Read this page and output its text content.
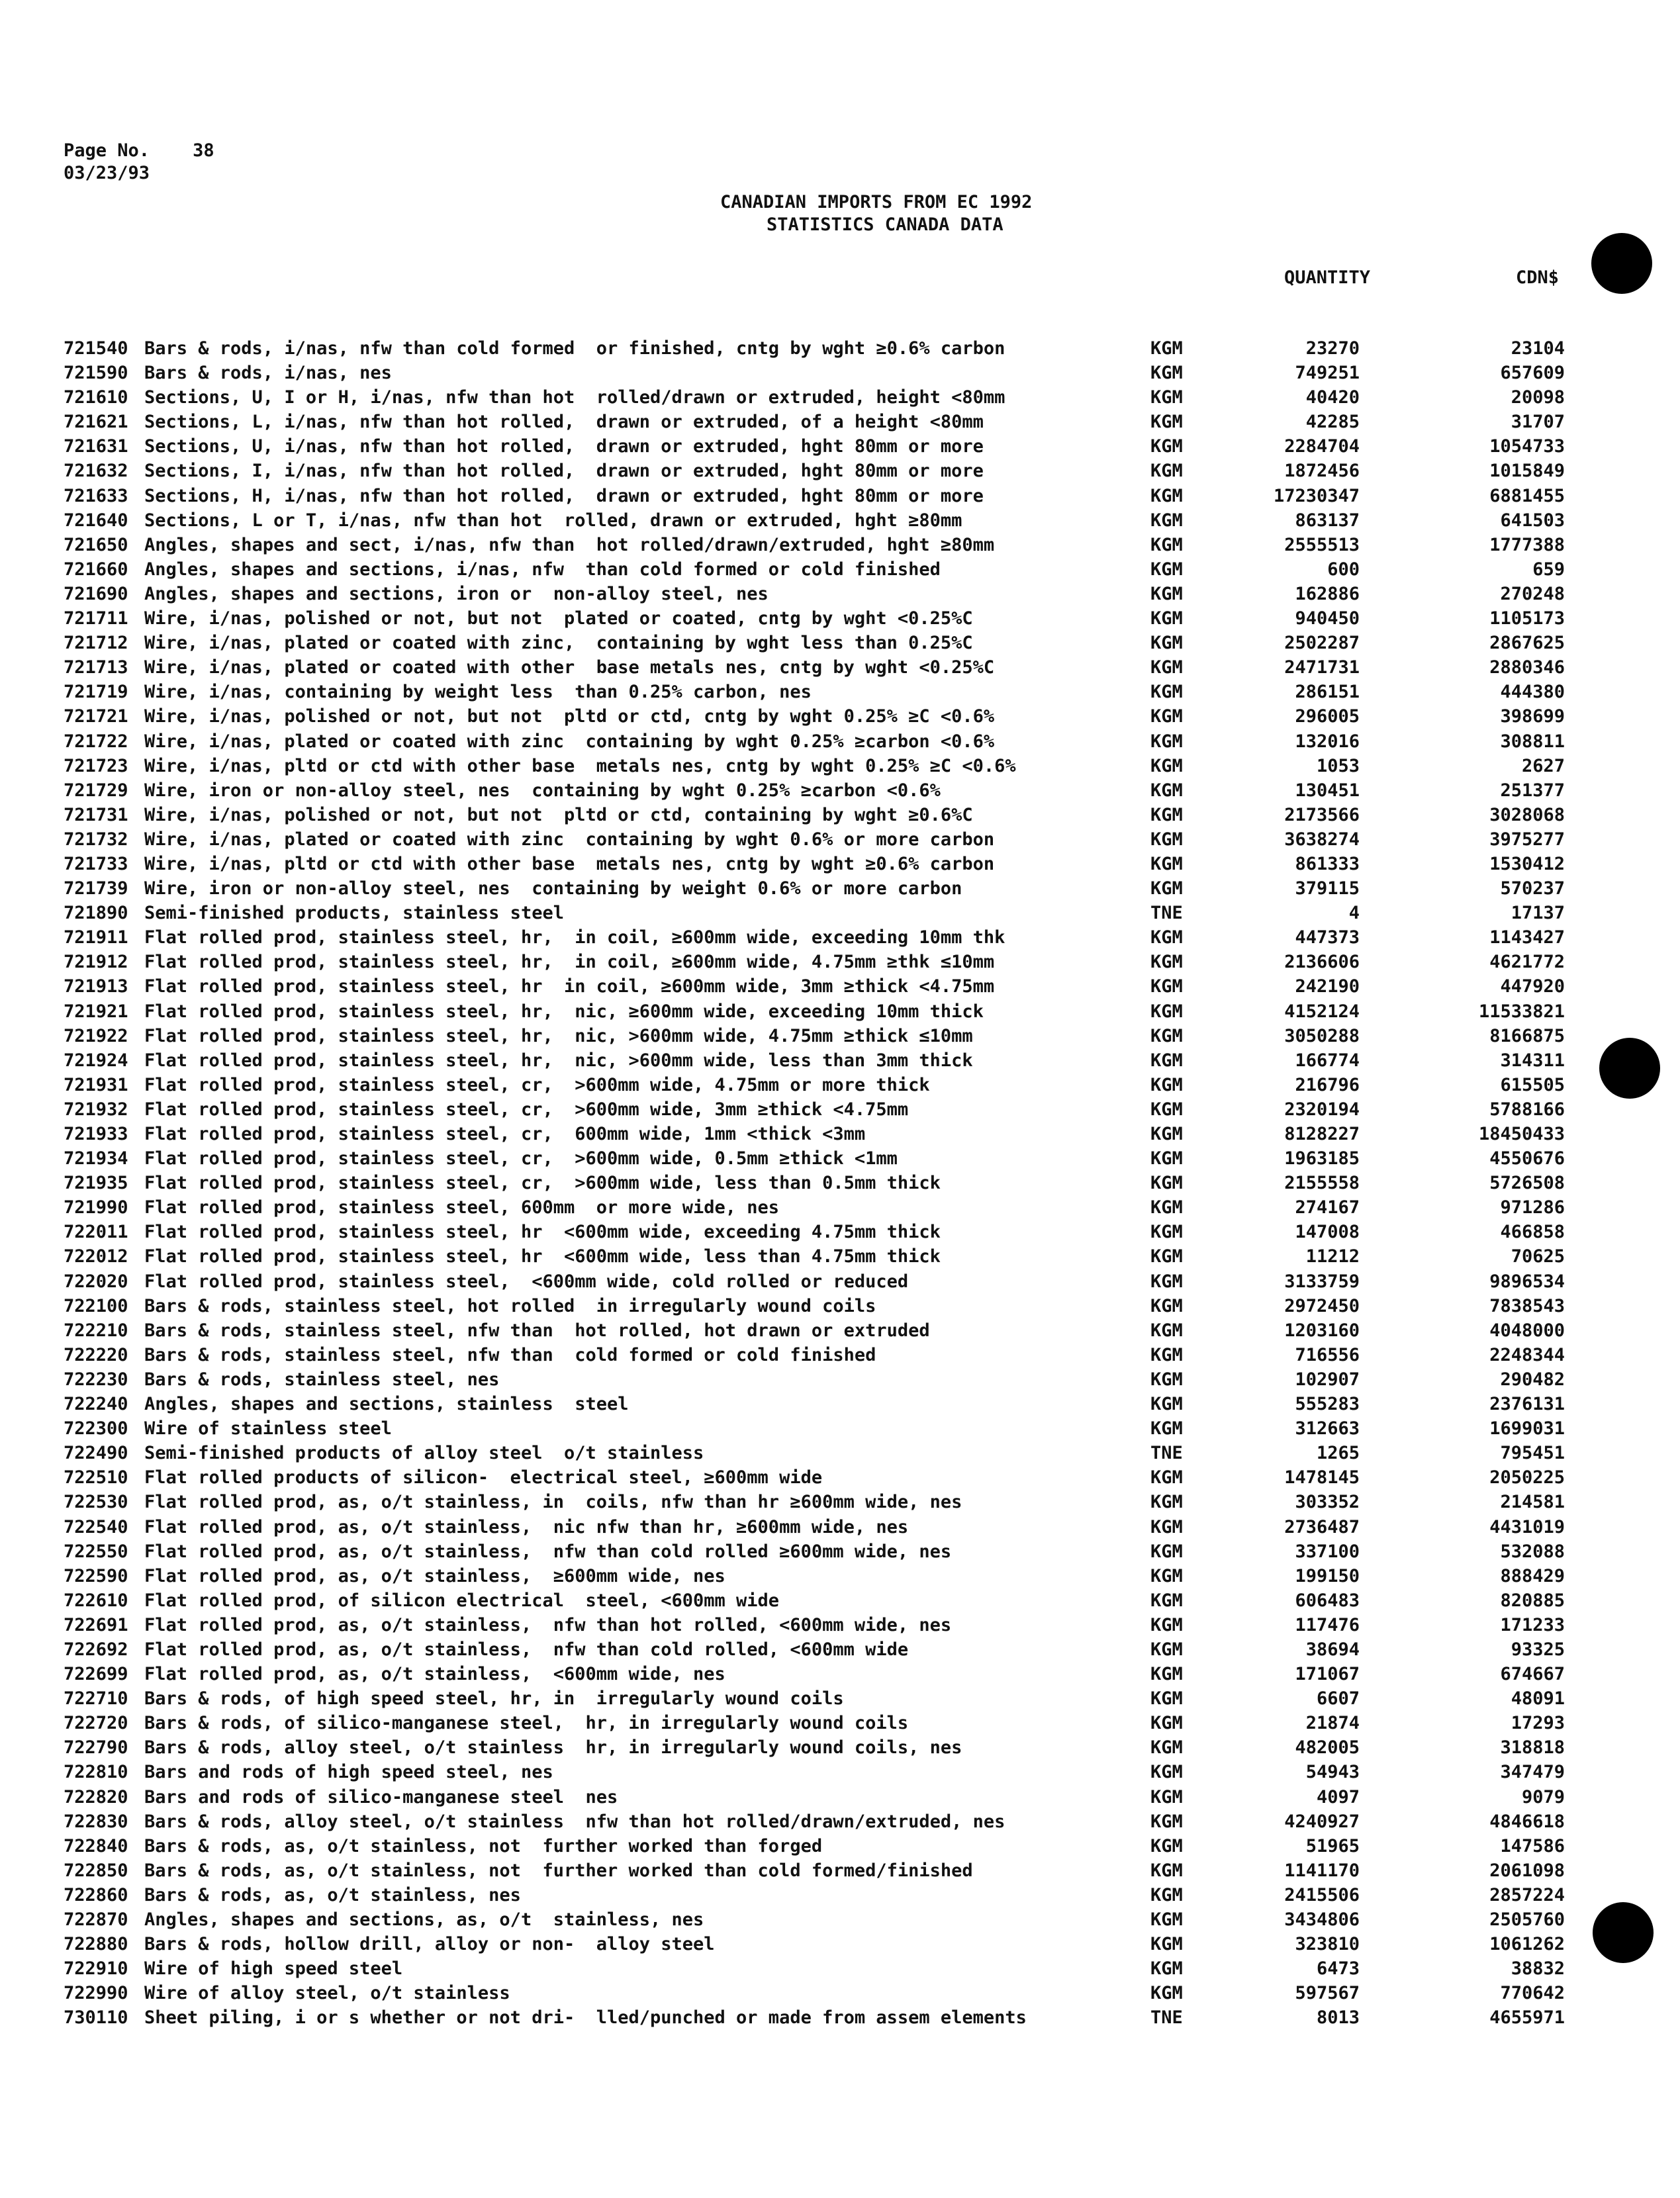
Page No.    38
03/23/93
CANADIAN IMPORTS FROM EC 1992
STATISTICS CANADA DATA
QUANTITY	CDN$
721540 Bars & rods, i/nas, nfw than cold formed  or finished, cntg by wght ≥0.6% carbon	KGM	23270	23104
721590 Bars & rods, i/nas, nes	KGM	749251	657609
721610 Sections, U, I or H, i/nas, nfw than hot  rolled/drawn or extruded, height <80mm	KGM	40420	20098
721621 Sections, L, i/nas, nfw than hot rolled,  drawn or extruded, of a height <80mm	KGM	42285	31707
721631 Sections, U, i/nas, nfw than hot rolled,  drawn or extruded, hght 80mm or more	KGM	2284704	1054733
721632 Sections, I, i/nas, nfw than hot rolled,  drawn or extruded, hght 80mm or more	KGM	1872456	1015849
721633 Sections, H, i/nas, nfw than hot rolled,  drawn or extruded, hght 80mm or more	KGM	17230347	6881455
721640 Sections, L or T, i/nas, nfw than hot  rolled, drawn or extruded, hght ≥80mm	KGM	863137	641503
721650 Angles, shapes and sect, i/nas, nfw than  hot rolled/drawn/extruded, hght ≥80mm	KGM	2555513	1777388
721660 Angles, shapes and sections, i/nas, nfw  than cold formed or cold finished	KGM	600	659
721690 Angles, shapes and sections, iron or  non-alloy steel, nes	KGM	162886	270248
721711 Wire, i/nas, polished or not, but not  plated or coated, cntg by wght <0.25%C	KGM	940450	1105173
721712 Wire, i/nas, plated or coated with zinc,  containing by wght less than 0.25%C	KGM	2502287	2867625
721713 Wire, i/nas, plated or coated with other  base metals nes, cntg by wght <0.25%C	KGM	2471731	2880346
721719 Wire, i/nas, containing by weight less  than 0.25% carbon, nes	KGM	286151	444380
721721 Wire, i/nas, polished or not, but not  pltd or ctd, cntg by wght 0.25% ≥C <0.6%	KGM	296005	398699
721722 Wire, i/nas, plated or coated with zinc  containing by wght 0.25% ≥carbon <0.6%	KGM	132016	308811
721723 Wire, i/nas, pltd or ctd with other base  metals nes, cntg by wght 0.25% ≥C <0.6%	KGM	1053	2627
721729 Wire, iron or non-alloy steel, nes  containing by wght 0.25% ≥carbon <0.6%	KGM	130451	251377
721731 Wire, i/nas, polished or not, but not  pltd or ctd, containing by wght ≥0.6%C	KGM	2173566	3028068
721732 Wire, i/nas, plated or coated with zinc  containing by wght 0.6% or more carbon	KGM	3638274	3975277
721733 Wire, i/nas, pltd or ctd with other base  metals nes, cntg by wght ≥0.6% carbon	KGM	861333	1530412
721739 Wire, iron or non-alloy steel, nes  containing by weight 0.6% or more carbon	KGM	379115	570237
721890 Semi-finished products, stainless steel	TNE	4	17137
721911 Flat rolled prod, stainless steel, hr,  in coil, ≥600mm wide, exceeding 10mm thk	KGM	447373	1143427
721912 Flat rolled prod, stainless steel, hr,  in coil, ≥600mm wide, 4.75mm ≥thk ≤10mm	KGM	2136606	4621772
721913 Flat rolled prod, stainless steel, hr  in coil, ≥600mm wide, 3mm ≥thick <4.75mm	KGM	242190	447920
721921 Flat rolled prod, stainless steel, hr,  nic, ≥600mm wide, exceeding 10mm thick	KGM	4152124	11533821
721922 Flat rolled prod, stainless steel, hr,  nic, >600mm wide, 4.75mm ≥thick ≤10mm	KGM	3050288	8166875
721924 Flat rolled prod, stainless steel, hr,  nic, >600mm wide, less than 3mm thick	KGM	166774	314311
721931 Flat rolled prod, stainless steel, cr,  >600mm wide, 4.75mm or more thick	KGM	216796	615505
721932 Flat rolled prod, stainless steel, cr,  >600mm wide, 3mm ≥thick <4.75mm	KGM	2320194	5788166
721933 Flat rolled prod, stainless steel, cr,  600mm wide, 1mm <thick <3mm	KGM	8128227	18450433
721934 Flat rolled prod, stainless steel, cr,  >600mm wide, 0.5mm ≥thick <1mm	KGM	1963185	4550676
721935 Flat rolled prod, stainless steel, cr,  >600mm wide, less than 0.5mm thick	KGM	2155558	5726508
721990 Flat rolled prod, stainless steel, 600mm  or more wide, nes	KGM	274167	971286
722011 Flat rolled prod, stainless steel, hr  <600mm wide, exceeding 4.75mm thick	KGM	147008	466858
722012 Flat rolled prod, stainless steel, hr  <600mm wide, less than 4.75mm thick	KGM	11212	70625
722020 Flat rolled prod, stainless steel,  <600mm wide, cold rolled or reduced	KGM	3133759	9896534
722100 Bars & rods, stainless steel, hot rolled  in irregularly wound coils	KGM	2972450	7838543
722210 Bars & rods, stainless steel, nfw than  hot rolled, hot drawn or extruded	KGM	1203160	4048000
722220 Bars & rods, stainless steel, nfw than  cold formed or cold finished	KGM	716556	2248344
722230 Bars & rods, stainless steel, nes	KGM	102907	290482
722240 Angles, shapes and sections, stainless  steel	KGM	555283	2376131
722300 Wire of stainless steel	KGM	312663	1699031
722490 Semi-finished products of alloy steel  o/t stainless	TNE	1265	795451
722510 Flat rolled products of silicon-  electrical steel, ≥600mm wide	KGM	1478145	2050225
722530 Flat rolled prod, as, o/t stainless, in  coils, nfw than hr ≥600mm wide, nes	KGM	303352	214581
722540 Flat rolled prod, as, o/t stainless,  nic nfw than hr, ≥600mm wide, nes	KGM	2736487	4431019
722550 Flat rolled prod, as, o/t stainless,  nfw than cold rolled ≥600mm wide, nes	KGM	337100	532088
722590 Flat rolled prod, as, o/t stainless,  ≥600mm wide, nes	KGM	199150	888429
722610 Flat rolled prod, of silicon electrical  steel, <600mm wide	KGM	606483	820885
722691 Flat rolled prod, as, o/t stainless,  nfw than hot rolled, <600mm wide, nes	KGM	117476	171233
722692 Flat rolled prod, as, o/t stainless,  nfw than cold rolled, <600mm wide	KGM	38694	93325
722699 Flat rolled prod, as, o/t stainless,  <600mm wide, nes	KGM	171067	674667
722710 Bars & rods, of high speed steel, hr, in  irregularly wound coils	KGM	6607	48091
722720 Bars & rods, of silico-manganese steel,  hr, in irregularly wound coils	KGM	21874	17293
722790 Bars & rods, alloy steel, o/t stainless  hr, in irregularly wound coils, nes	KGM	482005	318818
722810 Bars and rods of high speed steel, nes	KGM	54943	347479
722820 Bars and rods of silico-manganese steel  nes	KGM	4097	9079
722830 Bars & rods, alloy steel, o/t stainless  nfw than hot rolled/drawn/extruded, nes	KGM	4240927	4846618
722840 Bars & rods, as, o/t stainless, not  further worked than forged	KGM	51965	147586
722850 Bars & rods, as, o/t stainless, not  further worked than cold formed/finished	KGM	1141170	2061098
722860 Bars & rods, as, o/t stainless, nes	KGM	2415506	2857224
722870 Angles, shapes and sections, as, o/t  stainless, nes	KGM	3434806	2505760
722880 Bars & rods, hollow drill, alloy or non-  alloy steel	KGM	323810	1061262
722910 Wire of high speed steel	KGM	6473	38832
722990 Wire of alloy steel, o/t stainless	KGM	597567	770642
730110 Sheet piling, i or s whether or not dri-  lled/punched or made from assem elements	TNE	8013	4655971
